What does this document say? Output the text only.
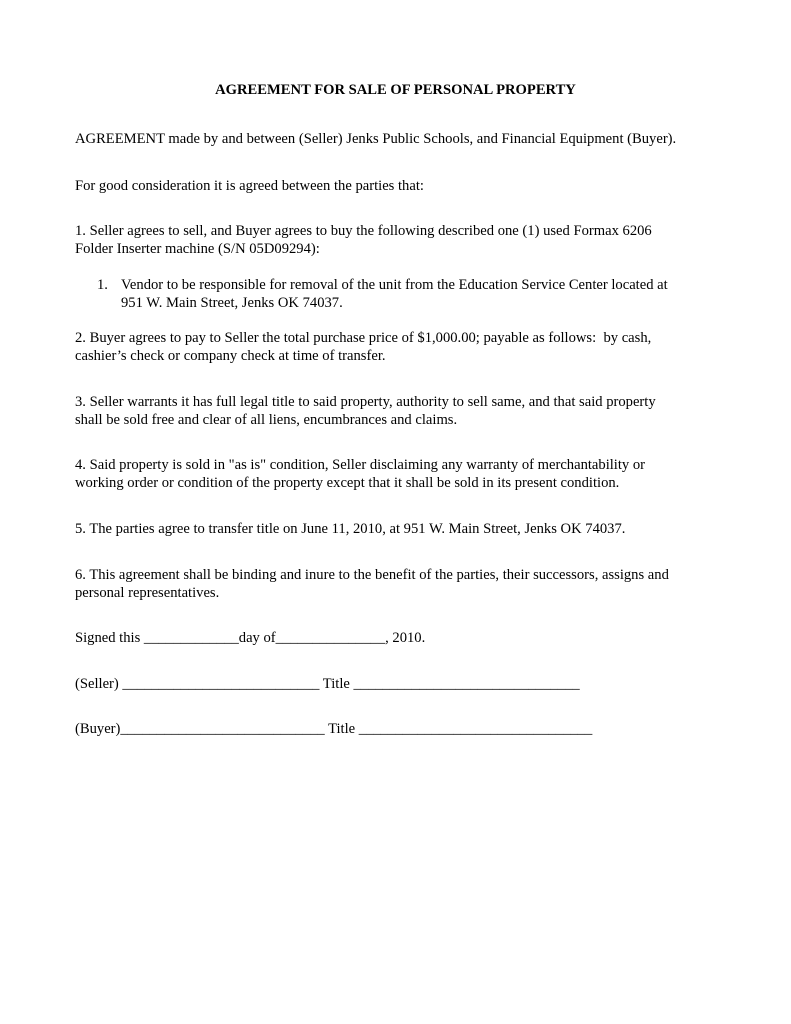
AGREEMENT FOR SALE OF PERSONAL PROPERTY
AGREEMENT made by and between (Seller) Jenks Public Schools, and Financial Equipment (Buyer).
For good consideration it is agreed between the parties that:
1. Seller agrees to sell, and Buyer agrees to buy the following described one (1) used Formax 6206
Folder Inserter machine (S/N 05D09294):
1. Vendor to be responsible for removal of the unit from the Education Service Center located at
951 W. Main Street, Jenks OK 74037.
2. Buyer agrees to pay to Seller the total purchase price of $1,000.00; payable as follows:  by cash,
cashier’s check or company check at time of transfer.
3. Seller warrants it has full legal title to said property, authority to sell same, and that said property
shall be sold free and clear of all liens, encumbrances and claims.
4. Said property is sold in "as is" condition, Seller disclaiming any warranty of merchantability or
working order or condition of the property except that it shall be sold in its present condition.
5. The parties agree to transfer title on June 11, 2010, at 951 W. Main Street, Jenks OK 74037.
6. This agreement shall be binding and inure to the benefit of the parties, their successors, assigns and
personal representatives.
Signed this _____________day of_______________, 2010.
(Seller) ___________________________ Title _______________________________
(Buyer)____________________________ Title ________________________________
